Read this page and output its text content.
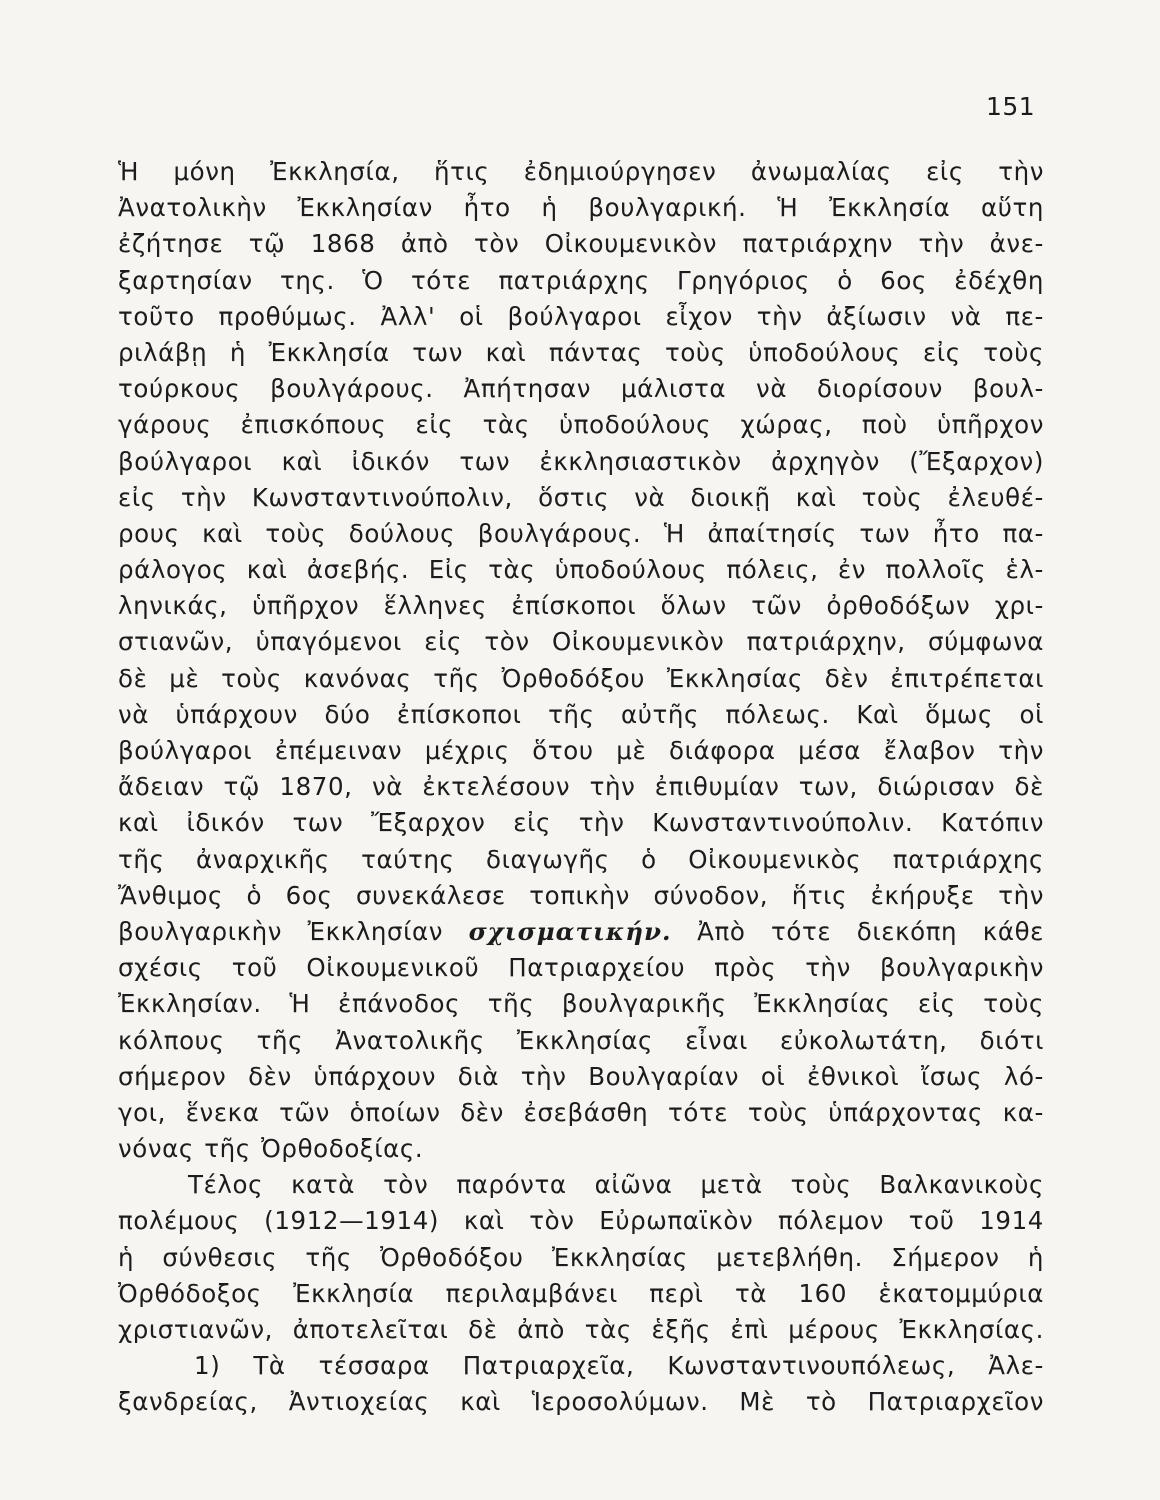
151
Ἡ μόνη Ἐκκλησία, ἥτις ἐδημιούργησεν ἀνωμαλίας εἰς τὴν
Ἀνατολικὴν Ἐκκλησίαν ἦτο ἡ βουλγαρική. Ἡ Ἐκκλησία αὕτη
ἐζήτησε τῷ 1868 ἀπὸ τὸν Οἰκουμενικὸν πατριάρχην τὴν ἀνε-
ξαρτησίαν της. Ὁ τότε πατριάρχης Γρηγόριος ὁ 6ος ἐδέχθη
τοῦτο προθύμως. Ἀλλ' οἱ βούλγαροι εἶχον τὴν ἀξίωσιν νὰ πε-
ριλάβῃ ἡ Ἐκκλησία των καὶ πάντας τοὺς ὑποδούλους εἰς τοὺς
τούρκους βουλγάρους. Ἀπήτησαν μάλιστα νὰ διορίσουν βουλ-
γάρους ἐπισκόπους εἰς τὰς ὑποδούλους χώρας, ποὺ ὑπῆρχον
βούλγαροι καὶ ἰδικόν των ἐκκλησιαστικὸν ἀρχηγὸν (Ἔξαρχον)
εἰς τὴν Κωνσταντινούπολιν, ὅστις νὰ διοικῇ καὶ τοὺς ἐλευθέ-
ρους καὶ τοὺς δούλους βουλγάρους. Ἡ ἀπαίτησίς των ἦτο πα-
ράλογος καὶ ἀσεβής. Εἰς τὰς ὑποδούλους πόλεις, ἐν πολλοῖς ἑλ-
ληνικάς, ὑπῆρχον ἕλληνες ἐπίσκοποι ὅλων τῶν ὀρθοδόξων χρι-
στιανῶν, ὑπαγόμενοι εἰς τὸν Οἰκουμενικὸν πατριάρχην, σύμφωνα
δὲ μὲ τοὺς κανόνας τῆς Ὀρθοδόξου Ἐκκλησίας δὲν ἐπιτρέπεται
νὰ ὑπάρχουν δύο ἐπίσκοποι τῆς αὐτῆς πόλεως. Καὶ ὅμως οἱ
βούλγαροι ἐπέμειναν μέχρις ὅτου μὲ διάφορα μέσα ἔλαβον τὴν
ἄδειαν τῷ 1870, νὰ ἐκτελέσουν τὴν ἐπιθυμίαν των, διώρισαν δὲ
καὶ ἰδικόν των Ἔξαρχον εἰς τὴν Κωνσταντινούπολιν. Κατόπιν
τῆς ἀναρχικῆς ταύτης διαγωγῆς ὁ Οἰκουμενικὸς πατριάρχης
Ἄνθιμος ὁ 6ος συνεκάλεσε τοπικὴν σύνοδον, ἥτις ἐκήρυξε τὴν
βουλγαρικὴν Ἐκκλησίαν σχισματικήν. Ἀπὸ τότε διεκόπη κάθε
σχέσις τοῦ Οἰκουμενικοῦ Πατριαρχείου πρὸς τὴν βουλγαρικὴν
Ἐκκλησίαν. Ἡ ἐπάνοδος τῆς βουλγαρικῆς Ἐκκλησίας εἰς τοὺς
κόλπους τῆς Ἀνατολικῆς Ἐκκλησίας εἶναι εὐκολωτάτη, διότι
σήμερον δὲν ὑπάρχουν διὰ τὴν Βουλγαρίαν οἱ ἐθνικοὶ ἴσως λό-
γοι, ἕνεκα τῶν ὁποίων δὲν ἐσεβάσθη τότε τοὺς ὑπάρχοντας κα-
νόνας τῆς Ὀρθοδοξίας.
Τέλος κατὰ τὸν παρόντα αἰῶνα μετὰ τοὺς Βαλκανικοὺς
πολέμους (1912—1914) καὶ τὸν Εὐρωπαϊκὸν πόλεμον τοῦ 1914
ἡ σύνθεσις τῆς Ὀρθοδόξου Ἐκκλησίας μετεβλήθη. Σήμερον ἡ
Ὀρθόδοξος Ἐκκλησία περιλαμβάνει περὶ τὰ 160 ἑκατομμύρια
χριστιανῶν, ἀποτελεῖται δὲ ἀπὸ τὰς ἑξῆς ἐπὶ μέρους Ἐκκλησίας.
1) Τὰ τέσσαρα Πατριαρχεῖα, Κωνσταντινουπόλεως, Ἀλε-
ξανδρείας, Ἀντιοχείας καὶ Ἱεροσολύμων. Μὲ τὸ Πατριαρχεῖον
